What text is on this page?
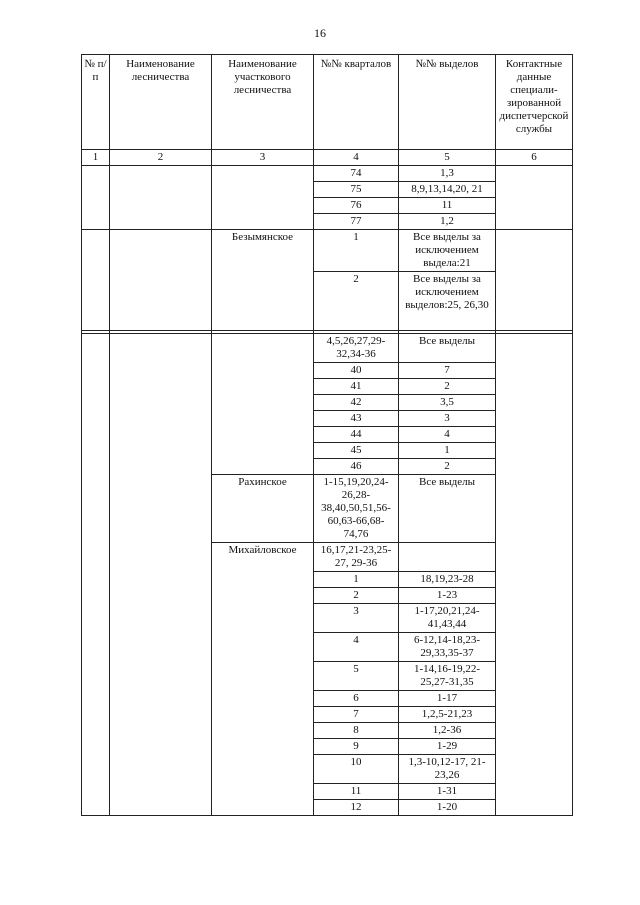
16
№ п/п	Наименование лесничества	Наименование участкового лесничества	№№ кварталов	№№ выделов	Контактные данные специали-зированной диспетчерской службы
1	2	3	4	5	6
			74	1,3	
			75	8,9,13,14,20, 21	
			76	11	
			77	1,2	
		Безымянское	1	Все выделы за исключением выдела:21	
			2	Все выделы за исключением выделов:25, 26,30	

			4,5,26,27,29-32,34-36	Все выделы	
			40	7	
			41	2	
			42	3,5	
			43	3	
			44	4	
			45	1	
			46	2	
		Рахинское	1-15,19,20,24-26,28-38,40,50,51,56-60,63-66,68-74,76	Все выделы	
		Михайловское	16,17,21-23,25-27, 29-36		
			1	18,19,23-28	
			2	1-23	
			3	1-17,20,21,24-41,43,44	
			4	6-12,14-18,23-29,33,35-37	
			5	1-14,16-19,22-25,27-31,35	
			6	1-17	
			7	1,2,5-21,23	
			8	1,2-36	
			9	1-29	
			10	1,3-10,12-17, 21-23,26	
			11	1-31	
			12	1-20	
